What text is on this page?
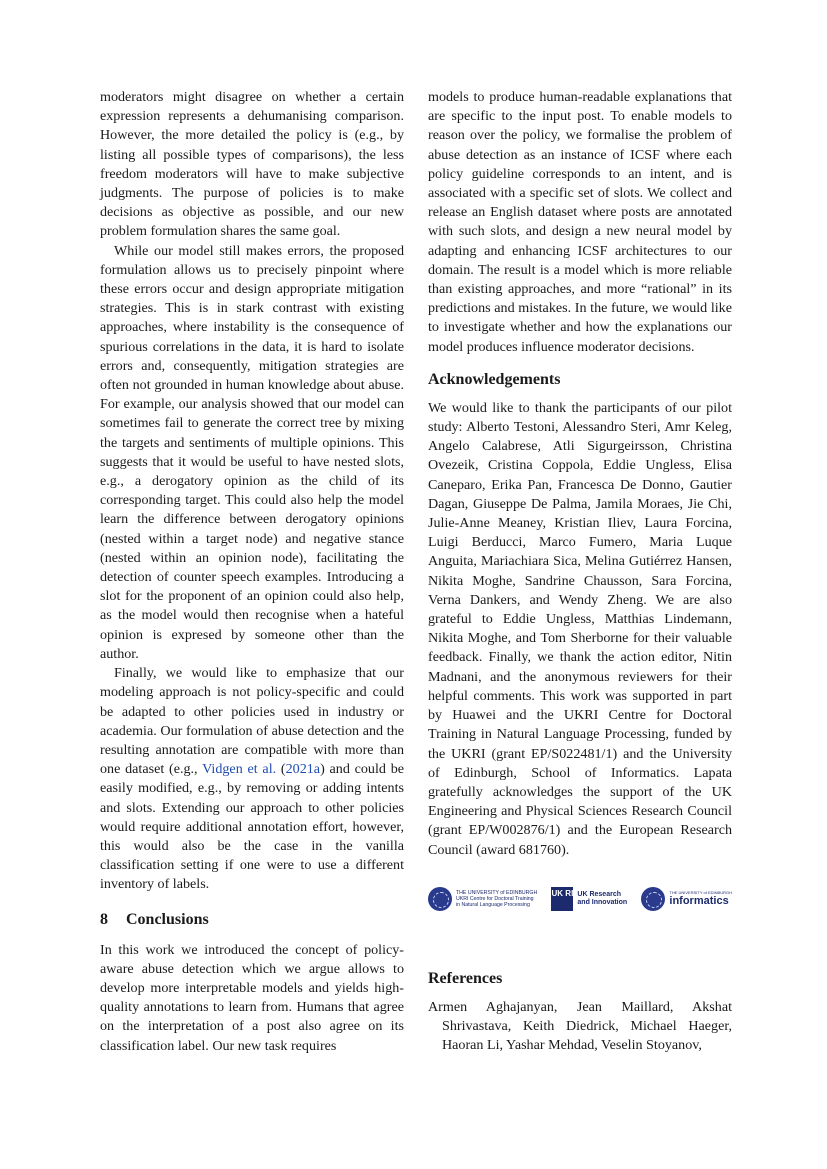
moderators might disagree on whether a certain expression represents a dehumanising comparison. However, the more detailed the policy is (e.g., by listing all possible types of comparisons), the less freedom moderators will have to make subjective judgments. The purpose of policies is to make decisions as objective as possible, and our new problem formulation shares the same goal.

While our model still makes errors, the proposed formulation allows us to precisely pinpoint where these errors occur and design appropriate mitigation strategies. This is in stark contrast with existing approaches, where instability is the consequence of spurious correlations in the data, it is hard to isolate errors and, consequently, mitigation strategies are often not grounded in human knowledge about abuse. For example, our analysis showed that our model can sometimes fail to generate the correct tree by mixing the targets and sentiments of multiple opinions. This suggests that it would be useful to have nested slots, e.g., a derogatory opinion as the child of its corresponding target. This could also help the model learn the difference between derogatory opinions (nested within a target node) and negative stance (nested within an opinion node), facilitating the detection of counter speech examples. Introducing a slot for the proponent of an opinion could also help, as the model would then recognise when a hateful opinion is expresed by someone other than the author.

Finally, we would like to emphasize that our modeling approach is not policy-specific and could be adapted to other policies used in industry or academia. Our formulation of abuse detection and the resulting annotation are compatible with more than one dataset (e.g., Vidgen et al. (2021a) and could be easily modified, e.g., by removing or adding intents and slots. Extending our approach to other policies would require additional annotation effort, however, this would also be the case in the vanilla classification setting if one were to use a different inventory of labels.

8 Conclusions

In this work we introduced the concept of policy-aware abuse detection which we argue allows to develop more interpretable models and yields high-quality annotations to learn from. Humans that agree on the interpretation of a post also agree on its classification label. Our new task requires

models to produce human-readable explanations that are specific to the input post. To enable models to reason over the policy, we formalise the problem of abuse detection as an instance of ICSF where each policy guideline corresponds to an intent, and is associated with a specific set of slots. We collect and release an English dataset where posts are annotated with such slots, and design a new neural model by adapting and enhancing ICSF architectures to our domain. The result is a model which is more reliable than existing approaches, and more “rational” in its predictions and mistakes. In the future, we would like to investigate whether and how the explanations our model produces influence moderator decisions.

Acknowledgements

We would like to thank the participants of our pilot study: Alberto Testoni, Alessandro Steri, Amr Keleg, Angelo Calabrese, Atli Sigurgeirsson, Christina Ovezeik, Cristina Coppola, Eddie Ungless, Elisa Caneparo, Erika Pan, Francesca De Donno, Gautier Dagan, Giuseppe De Palma, Jamila Moraes, Jie Chi, Julie-Anne Meaney, Kristian Iliev, Laura Forcina, Luigi Berducci, Marco Fumero, Maria Luque Anguita, Mariachiara Sica, Melina Gutiérrez Hansen, Nikita Moghe, Sandrine Chausson, Sara Forcina, Verna Dankers, and Wendy Zheng. We are also grateful to Eddie Ungless, Matthias Lindemann, Nikita Moghe, and Tom Sherborne for their valuable feedback. Finally, we thank the action editor, Nitin Madnani, and the anonymous reviewers for their helpful comments. This work was supported in part by Huawei and the UKRI Centre for Doctoral Training in Natural Language Processing, funded by the UKRI (grant EP/S022481/1) and the University of Edinburgh, School of Informatics. Lapata gratefully acknowledges the support of the UK Engineering and Physical Sciences Research Council (grant EP/W002876/1) and the European Research Council (award 681760).

THE UNIVERSITY of EDINBURGH
UKRI Centre for Doctoral Training
in Natural Language Processing
UK RI UK Research
and Innovation
THE UNIVERSITY of EDINBURGH
informatics
References

Armen Aghajanyan, Jean Maillard, Akshat Shrivastava, Keith Diedrick, Michael Haeger, Haoran Li, Yashar Mehdad, Veselin Stoyanov,
